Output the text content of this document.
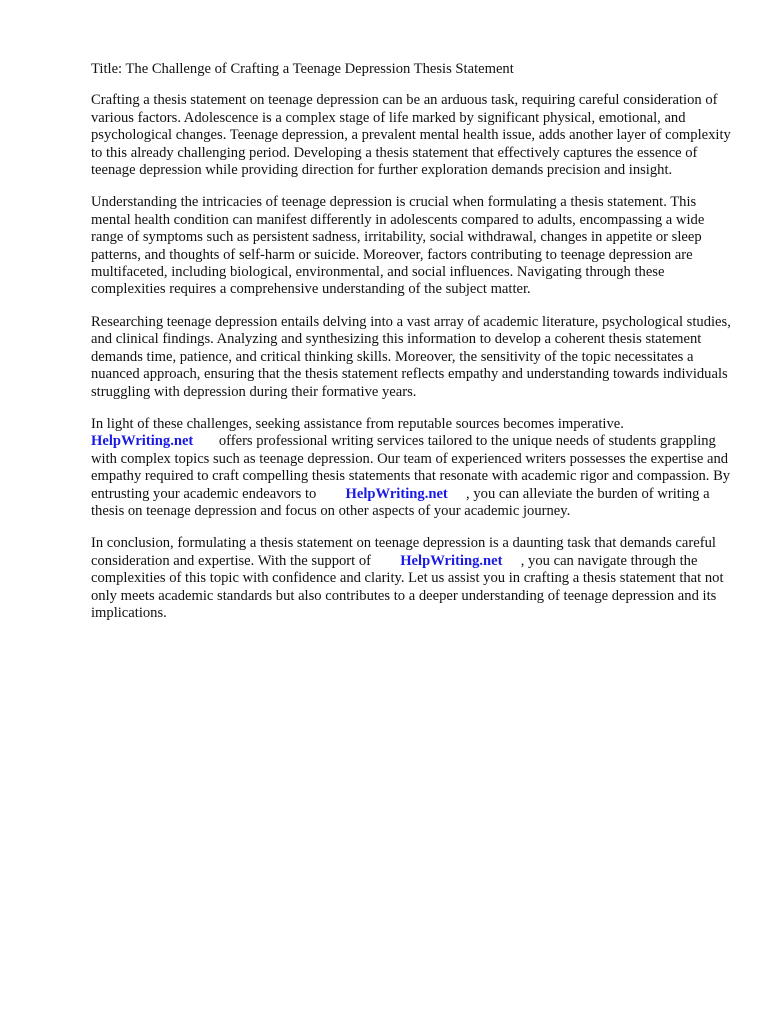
Title: The Challenge of Crafting a Teenage Depression Thesis Statement

Crafting a thesis statement on teenage depression can be an arduous task, requiring careful consideration of various factors. Adolescence is a complex stage of life marked by significant physical, emotional, and psychological changes. Teenage depression, a prevalent mental health issue, adds another layer of complexity to this already challenging period. Developing a thesis statement that effectively captures the essence of teenage depression while providing direction for further exploration demands precision and insight.

Understanding the intricacies of teenage depression is crucial when formulating a thesis statement. This mental health condition can manifest differently in adolescents compared to adults, encompassing a wide range of symptoms such as persistent sadness, irritability, social withdrawal, changes in appetite or sleep patterns, and thoughts of self-harm or suicide. Moreover, factors contributing to teenage depression are multifaceted, including biological, environmental, and social influences. Navigating through these complexities requires a comprehensive understanding of the subject matter.

Researching teenage depression entails delving into a vast array of academic literature, psychological studies, and clinical findings. Analyzing and synthesizing this information to develop a coherent thesis statement demands time, patience, and critical thinking skills. Moreover, the sensitivity of the topic necessitates a nuanced approach, ensuring that the thesis statement reflects empathy and understanding towards individuals struggling with depression during their formative years.

In light of these challenges, seeking assistance from reputable sources becomes imperative.
HelpWriting.net offers professional writing services tailored to the unique needs of students grappling with complex topics such as teenage depression. Our team of experienced writers possesses the expertise and empathy required to craft compelling thesis statements that resonate with academic rigor and compassion. By entrusting your academic endeavors to HelpWriting.net , you can alleviate the burden of writing a thesis on teenage depression and focus on other aspects of your academic journey.

In conclusion, formulating a thesis statement on teenage depression is a daunting task that demands careful consideration and expertise. With the support of HelpWriting.net , you can navigate through the complexities of this topic with confidence and clarity. Let us assist you in crafting a thesis statement that not only meets academic standards but also contributes to a deeper understanding of teenage depression and its implications.
